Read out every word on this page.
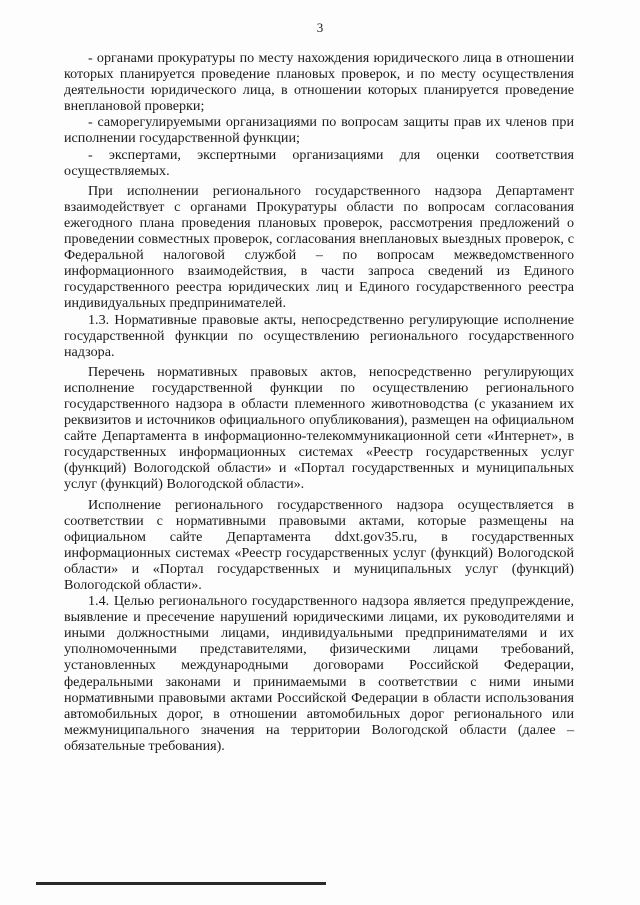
3

- органами прокуратуры по месту нахождения юридического лица в отношении которых планируется проведение плановых проверок, и по месту осуществления деятельности юридического лица, в отношении которых планируется проведение внеплановой проверки;

- саморегулируемыми организациями по вопросам защиты прав их членов при исполнении государственной функции;

- экспертами, экспертными организациями для оценки соответствия осуществляемых.

При исполнении регионального государственного надзора Департамент взаимодействует с органами Прокуратуры области по вопросам согласования ежегодного плана проведения плановых проверок, рассмотрения предложений о проведении совместных проверок, согласования внеплановых выездных проверок, с Федеральной налоговой службой – по вопросам межведомственного информационного взаимодействия, в части запроса сведений из Единого государственного реестра юридических лиц и Единого государственного реестра индивидуальных предпринимателей.

1.3. Нормативные правовые акты, непосредственно регулирующие исполнение государственной функции по осуществлению регионального государственного надзора.

Перечень нормативных правовых актов, непосредственно регулирующих исполнение государственной функции по осуществлению регионального государственного надзора в области племенного животноводства (с указанием их реквизитов и источников официального опубликования), размещен на официальном сайте Департамента в информационно-телекоммуникационной сети «Интернет», в государственных информационных системах «Реестр государственных услуг (функций) Вологодской области» и «Портал государственных и муниципальных услуг (функций) Вологодской области».

Исполнение регионального государственного надзора осуществляется в соответствии с нормативными правовыми актами, которые размещены на официальном сайте Департамента ddxt.gov35.ru, в государственных информационных системах «Реестр государственных услуг (функций) Вологодской области» и «Портал государственных и муниципальных услуг (функций) Вологодской области».

1.4. Целью регионального государственного надзора является предупреждение, выявление и пресечение нарушений юридическими лицами, их руководителями и иными должностными лицами, индивидуальными предпринимателями и их уполномоченными представителями, физическими лицами требований, установленных международными договорами Российской Федерации, федеральными законами и принимаемыми в соответствии с ними иными нормативными правовыми актами Российской Федерации в области использования автомобильных дорог, в отношении автомобильных дорог регионального или межмуниципального значения на территории Вологодской области (далее – обязательные требования).
